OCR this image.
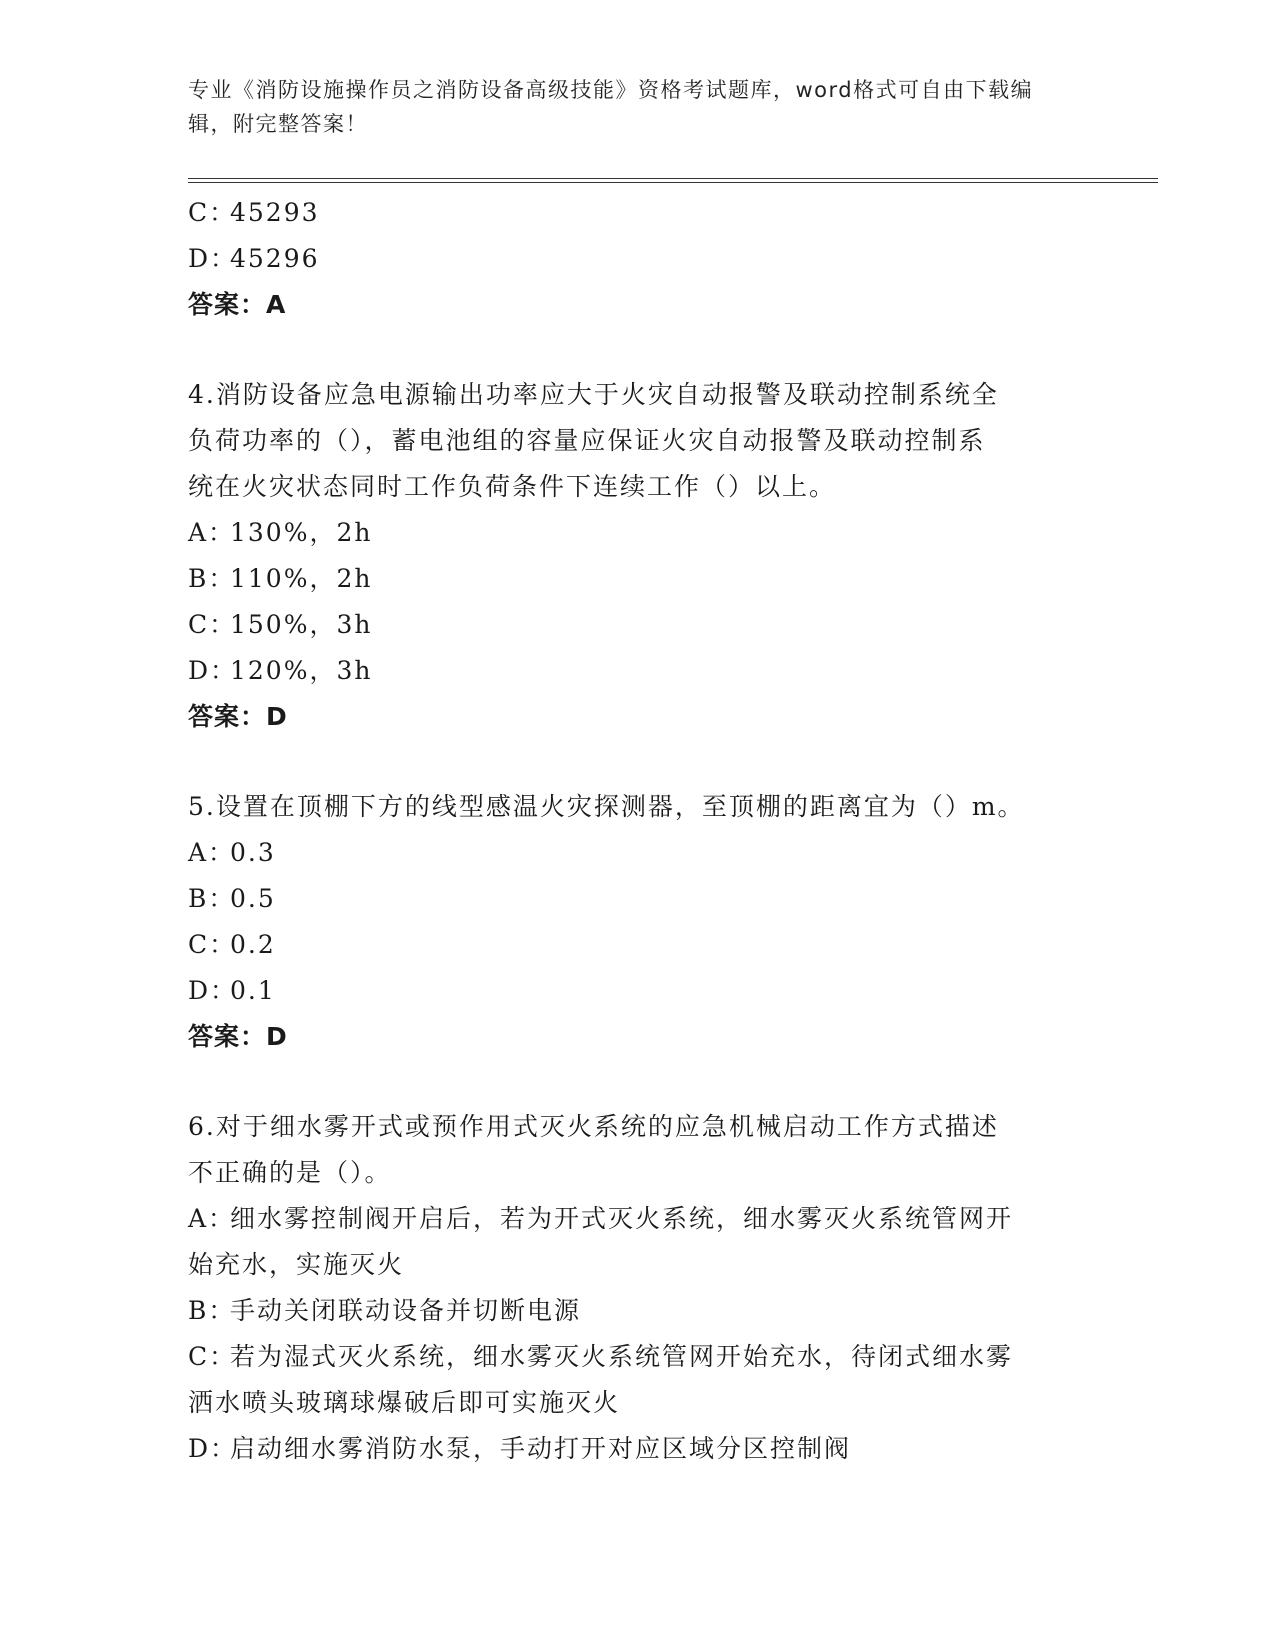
专业《消防设施操作员之消防设备高级技能》资格考试题库，word格式可自由下载编辑，附完整答案！
C：45293
D：45296
答案：A
4.消防设备应急电源输出功率应大于火灾自动报警及联动控制系统全
负荷功率的（），蓄电池组的容量应保证火灾自动报警及联动控制系
统在火灾状态同时工作负荷条件下连续工作（）以上。
A：130%，2h
B：110%，2h
C：150%，3h
D：120%，3h
答案：D
5.设置在顶棚下方的线型感温火灾探测器，至顶棚的距离宜为（）m。
A：0.3
B：0.5
C：0.2
D：0.1
答案：D
6.对于细水雾开式或预作用式灭火系统的应急机械启动工作方式描述
不正确的是（）。
A：细水雾控制阀开启后，若为开式灭火系统，细水雾灭火系统管网开
始充水，实施灭火
B：手动关闭联动设备并切断电源
C：若为湿式灭火系统，细水雾灭火系统管网开始充水，待闭式细水雾
洒水喷头玻璃球爆破后即可实施灭火
D：启动细水雾消防水泵，手动打开对应区域分区控制阀
